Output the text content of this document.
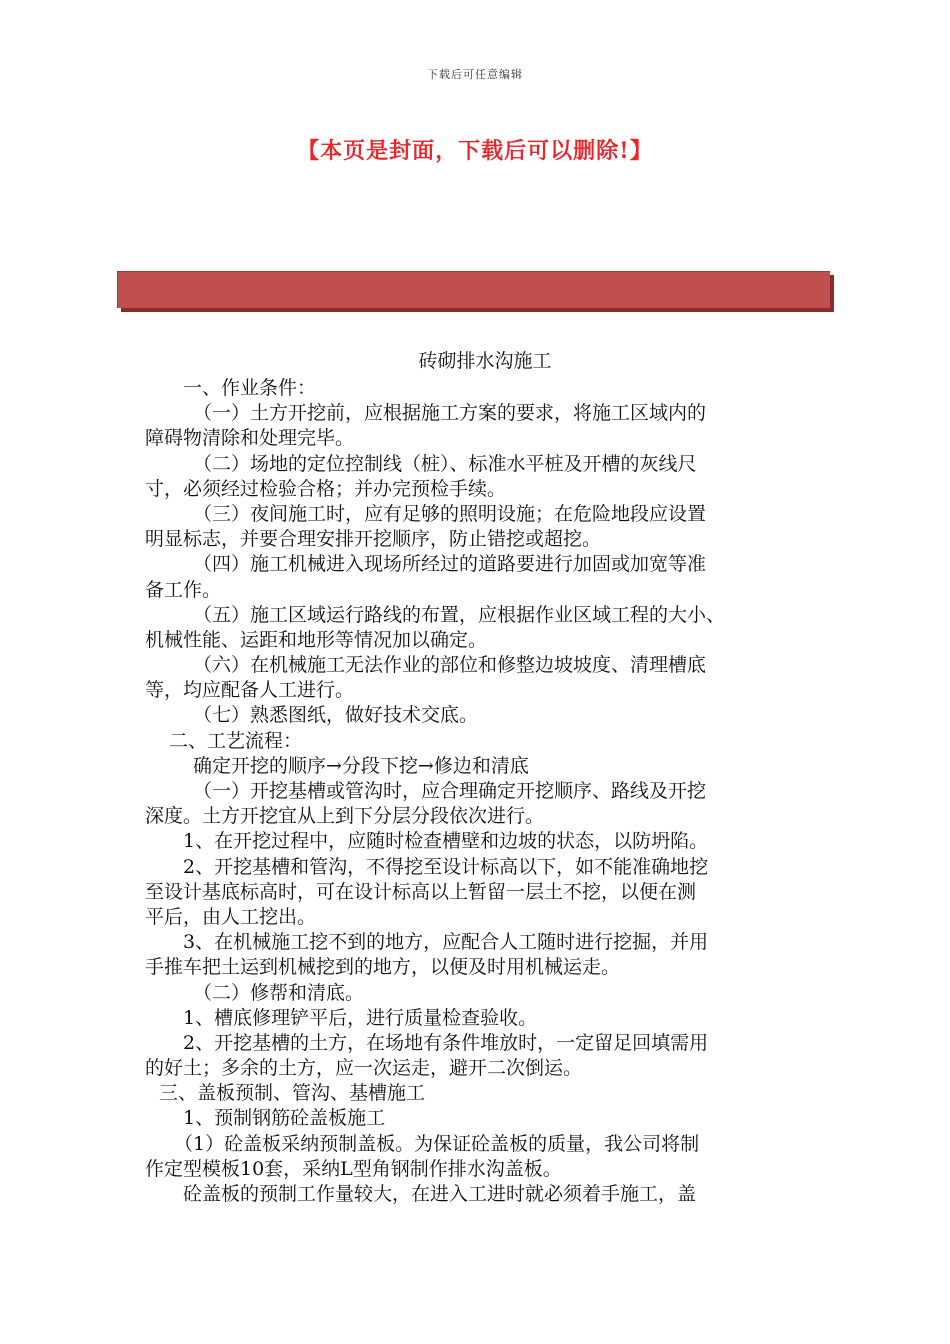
下载后可任意编辑
【本页是封面，下载后可以删除!】
砖砌排水沟施工
一、作业条件：
（一）土方开挖前，应根据施工方案的要求，将施工区域内的
障碍物清除和处理完毕。
（二）场地的定位控制线（桩）、标准水平桩及开槽的灰线尺
寸，必须经过检验合格；并办完预检手续。
（三）夜间施工时，应有足够的照明设施；在危险地段应设置
明显标志，并要合理安排开挖顺序，防止错挖或超挖。
（四）施工机械进入现场所经过的道路要进行加固或加宽等准
备工作。
（五）施工区域运行路线的布置，应根据作业区域工程的大小、
机械性能、运距和地形等情况加以确定。
（六）在机械施工无法作业的部位和修整边坡坡度、清理槽底
等，均应配备人工进行。
（七）熟悉图纸，做好技术交底。
二、工艺流程：
确定开挖的顺序→分段下挖→修边和清底
（一）开挖基槽或管沟时，应合理确定开挖顺序、路线及开挖
深度。土方开挖宜从上到下分层分段依次进行。
1、在开挖过程中，应随时检查槽壁和边坡的状态，以防坍陷。
2、开挖基槽和管沟，不得挖至设计标高以下，如不能准确地挖
至设计基底标高时，可在设计标高以上暂留一层土不挖，以便在测
平后，由人工挖出。
3、在机械施工挖不到的地方，应配合人工随时进行挖掘，并用
手推车把土运到机械挖到的地方，以便及时用机械运走。
（二）修帮和清底。
1、槽底修理铲平后，进行质量检查验收。
2、开挖基槽的土方，在场地有条件堆放时，一定留足回填需用
的好土；多余的土方，应一次运走，避开二次倒运。
三、盖板预制、管沟、基槽施工
1、预制钢筋砼盖板施工
（1）砼盖板采纳预制盖板。为保证砼盖板的质量，我公司将制
作定型模板10套，采纳L型角钢制作排水沟盖板。
砼盖板的预制工作量较大，在进入工进时就必须着手施工，盖
